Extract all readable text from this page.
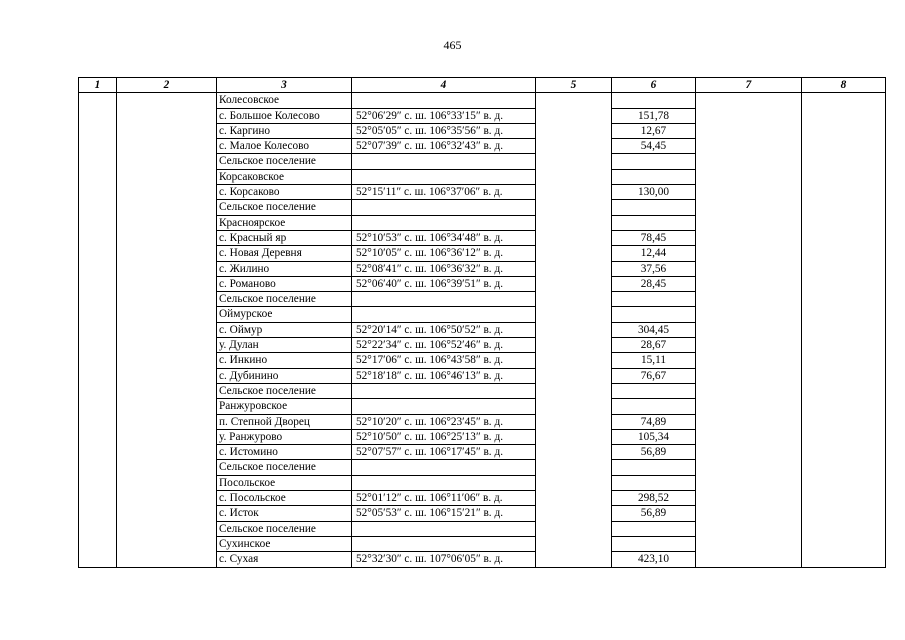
465
1	2	3	4	5	6	7	8
		Колесовское					
		с. Большое Колесово	52°06′29″ с. ш. 106°33′15″ в. д.		151,78		
		с. Каргино	52°05′05″ с. ш. 106°35′56″ в. д.		12,67		
		с. Малое Колесово	52°07′39″ с. ш. 106°32′43″ в. д.		54,45		
		Сельское поселение					
		Корсаковское					
		с. Корсаково	52°15′11″ с. ш. 106°37′06″ в. д.		130,00		
		Сельское поселение					
		Красноярское					
		с. Красный яр	52°10′53″ с. ш. 106°34′48″ в. д.		78,45		
		с. Новая Деревня	52°10′05″ с. ш. 106°36′12″ в. д.		12,44		
		с. Жилино	52°08′41″ с. ш. 106°36′32″ в. д.		37,56		
		с. Романово	52°06′40″ с. ш. 106°39′51″ в. д.		28,45		
		Сельское поселение					
		Оймурское					
		с. Оймур	52°20′14″ с. ш. 106°50′52″ в. д.		304,45		
		у. Дулан	52°22′34″ с. ш. 106°52′46″ в. д.		28,67		
		с. Инкино	52°17′06″ с. ш. 106°43′58″ в. д.		15,11		
		с. Дубинино	52°18′18″ с. ш. 106°46′13″ в. д.		76,67		
		Сельское поселение					
		Ранжуровское					
		п. Степной Дворец	52°10′20″ с. ш. 106°23′45″ в. д.		74,89		
		у. Ранжурово	52°10′50″ с. ш. 106°25′13″ в. д.		105,34		
		с. Истомино	52°07′57″ с. ш. 106°17′45″ в. д.		56,89		
		Сельское поселение					
		Посольское					
		с. Посольское	52°01′12″ с. ш. 106°11′06″ в. д.		298,52		
		с. Исток	52°05′53″ с. ш. 106°15′21″ в. д.		56,89		
		Сельское поселение					
		Сухинское					
		с. Сухая	52°32′30″ с. ш. 107°06′05″ в. д.		423,10		
